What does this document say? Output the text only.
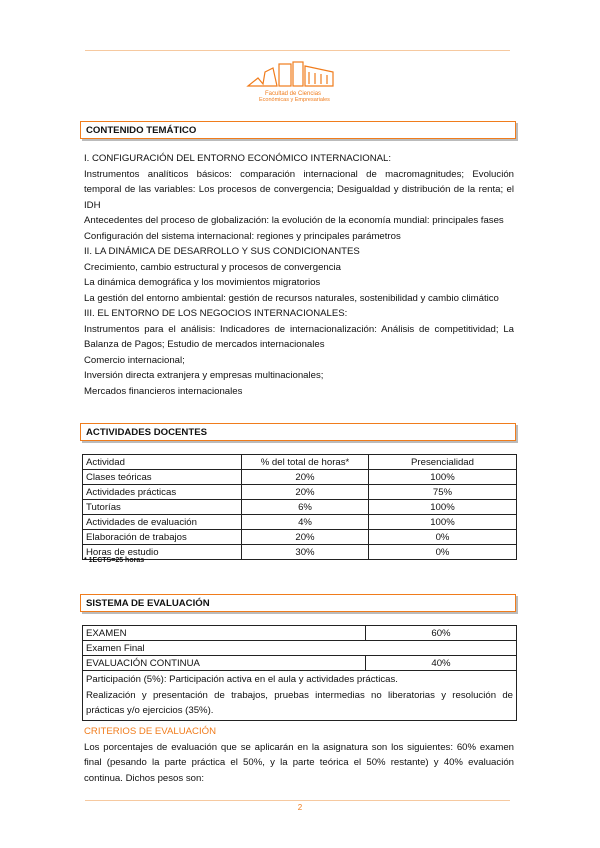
Facultad de Ciencias
Económicas y Empresariales
CONTENIDO TEMÁTICO
I. CONFIGURACIÓN DEL ENTORNO ECONÓMICO INTERNACIONAL:
Instrumentos analíticos básicos: comparación internacional de macromagnitudes; Evolución temporal de las variables: Los procesos de convergencia; Desigualdad y distribución de la renta; el IDH
Antecedentes del proceso de globalización: la evolución de la economía mundial: principales fases
Configuración del sistema internacional: regiones y principales parámetros
II. LA DINÁMICA DE DESARROLLO Y SUS CONDICIONANTES
Crecimiento, cambio estructural y procesos de convergencia
La dinámica demográfica y los movimientos migratorios
La gestión del entorno ambiental: gestión de recursos naturales, sostenibilidad y cambio climático
III. EL ENTORNO DE LOS NEGOCIOS INTERNACIONALES:
Instrumentos para el análisis: Indicadores de internacionalización: Análisis de competitividad; La Balanza de Pagos; Estudio de mercados internacionales
Comercio internacional;
Inversión directa extranjera y empresas multinacionales;
Mercados financieros internacionales
ACTIVIDADES DOCENTES
Actividad	% del total de horas*	Presencialidad
Clases teóricas	20%	100%
Actividades prácticas	20%	75%
Tutorías	6%	100%
Actividades de evaluación	4%	100%
Elaboración de trabajos	20%	0%
Horas de estudio	30%	0%
* 1ECTS=25 horas
SISTEMA DE EVALUACIÓN
EXAMEN	60%
Examen Final	
EVALUACIÓN CONTINUA	40%

Participación (5%): Participación activa en el aula y actividades prácticas.
Realización y presentación de trabajos, pruebas intermedias no liberatorias y resolución de prácticas y/o ejercicios (35%).	
CRITERIOS DE EVALUACIÓN
Los porcentajes de evaluación que se aplicarán en la asignatura son los siguientes: 60% examen final (pesando la parte práctica el 50%, y la parte teórica el 50% restante) y 40% evaluación continua. Dichos pesos son:
2
